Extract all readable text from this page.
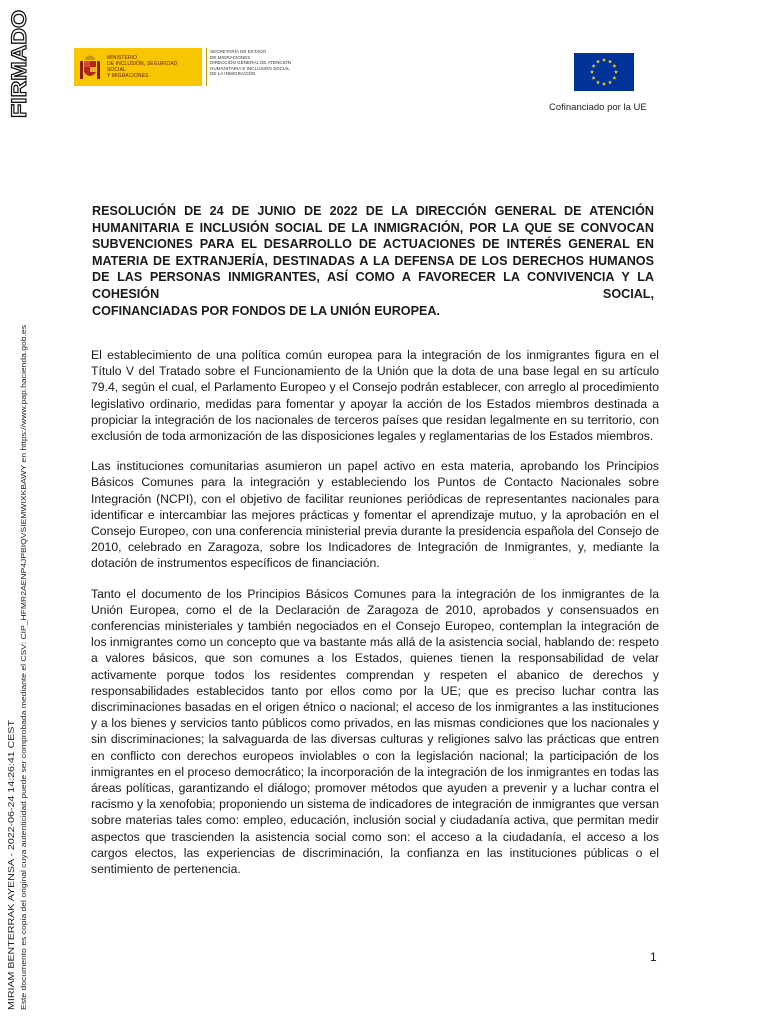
FIRMADO
MIRIAM BENTERRAK AYENSA - 2022-06-24 14:26:41 CEST Este documento es copia del original cuya autenticidad puede ser comprobada mediante el CSV: CIP_HFMR2AENP4JPBIQVSIEMWIXKBAWY en https://www.pap.hacienda.gob.es
MINISTERIO
DE INCLUSIÓN, SEGURIDAD SOCIAL
Y MIGRACIONES
SECRETARÍA DE ESTADO
DE MIGRACIONES
DIRECCIÓN GENERAL DE ATENCIÓN
HUMANITARIA E INCLUSIÓN SOCIAL
DE LA INMIGRACIÓN
Cofinanciado por la UE
RESOLUCIÓN DE 24 DE JUNIO DE 2022 DE LA DIRECCIÓN GENERAL DE ATENCIÓN HUMANITARIA E INCLUSIÓN SOCIAL DE LA INMIGRACIÓN, POR LA QUE SE CONVOCAN SUBVENCIONES PARA EL DESARROLLO DE ACTUACIONES DE INTERÉS GENERAL EN MATERIA DE EXTRANJERÍA, DESTINADAS A LA DEFENSA DE LOS DERECHOS HUMANOS DE LAS PERSONAS INMIGRANTES, ASÍ COMO A FAVORECER LA CONVIVENCIA Y LA COHESIÓN SOCIAL,
COFINANCIADAS POR FONDOS DE LA UNIÓN EUROPEA.

El establecimiento de una política común europea para la integración de los inmigrantes figura en el Título V del Tratado sobre el Funcionamiento de la Unión que la dota de una base legal en su artículo 79.4, según el cual, el Parlamento Europeo y el Consejo podrán establecer, con arreglo al procedimiento legislativo ordinario, medidas para fomentar y apoyar la acción de los Estados miembros destinada a propiciar la integración de los nacionales de terceros países que residan legalmente en su territorio, con exclusión de toda armonización de las disposiciones legales y reglamentarias de los Estados miembros.

Las instituciones comunitarias asumieron un papel activo en esta materia, aprobando los Principios Básicos Comunes para la integración y estableciendo los Puntos de Contacto Nacionales sobre Integración (NCPI), con el objetivo de facilitar reuniones periódicas de representantes nacionales para identificar e intercambiar las mejores prácticas y fomentar el aprendizaje mutuo, y la aprobación en el Consejo Europeo, con una conferencia ministerial previa durante la presidencia española del Consejo de 2010, celebrado en Zaragoza, sobre los Indicadores de Integración de Inmigrantes, y, mediante la dotación de instrumentos específicos de financiación.

Tanto el documento de los Principios Básicos Comunes para la integración de los inmigrantes de la Unión Europea, como el de la Declaración de Zaragoza de 2010, aprobados y consensuados en conferencias ministeriales y también negociados en el Consejo Europeo, contemplan la integración de los inmigrantes como un concepto que va bastante más allá de la asistencia social, hablando de: respeto a valores básicos, que son comunes a los Estados, quienes tienen la responsabilidad de velar activamente porque todos los residentes comprendan y respeten el abanico de derechos y responsabilidades establecidos tanto por ellos como por la UE; que es preciso luchar contra las discriminaciones basadas en el origen étnico o nacional; el acceso de los inmigrantes a las instituciones y a los bienes y servicios tanto públicos como privados, en las mismas condiciones que los nacionales y sin discriminaciones; la salvaguarda de las diversas culturas y religiones salvo las prácticas que entren en conflicto con derechos europeos inviolables o con la legislación nacional; la participación de los inmigrantes en el proceso democrático; la incorporación de la integración de los inmigrantes en todas las áreas políticas, garantizando el diálogo; promover métodos que ayuden a prevenir y a luchar contra el racismo y la xenofobia; proponiendo un sistema de indicadores de integración de inmigrantes que versan sobre materias tales como: empleo, educación, inclusión social y ciudadanía activa, que permitan medir aspectos que trascienden la asistencia social como son: el acceso a la ciudadanía, el acceso a los cargos electos, las experiencias de discriminación, la confianza en las instituciones públicas o el sentimiento de pertenencia.

1
